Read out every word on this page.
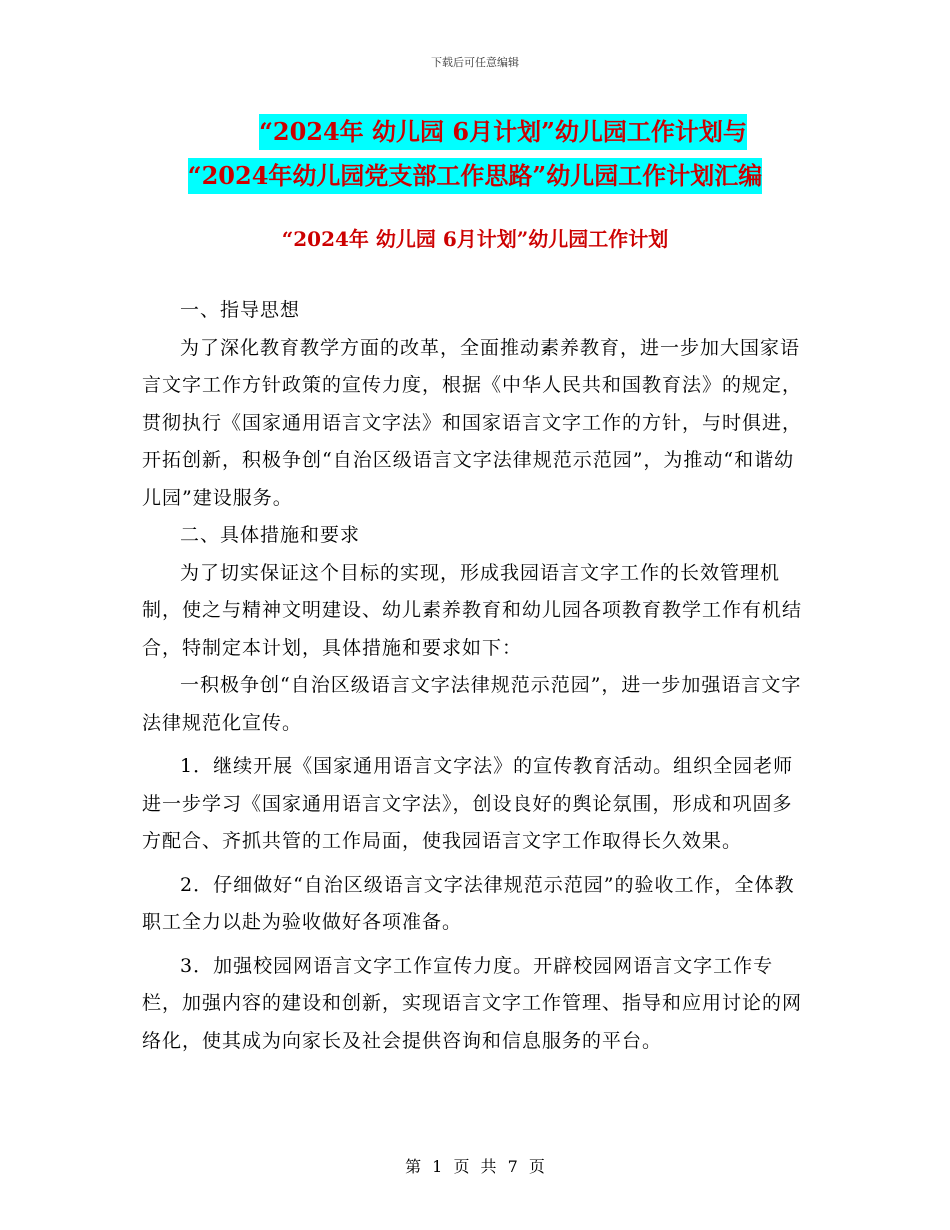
下载后可任意编辑
“2024年 幼儿园 6月计划”幼儿园工作计划与
“2024年幼儿园党支部工作思路”幼儿园工作计划汇编
“2024年 幼儿园 6月计划”幼儿园工作计划

一、指导思想

为了深化教育教学方面的改革，全面推动素养教育，进一步加大国家语言文字工作方针政策的宣传力度，根据《中华人民共和国教育法》的规定，贯彻执行《国家通用语言文字法》和国家语言文字工作的方针，与时俱进，开拓创新，积极争创“自治区级语言文字法律规范示范园”，为推动“和谐幼儿园”建设服务。

二、具体措施和要求

为了切实保证这个目标的实现，形成我园语言文字工作的长效管理机制，使之与精神文明建设、幼儿素养教育和幼儿园各项教育教学工作有机结合，特制定本计划，具体措施和要求如下：

一积极争创“自治区级语言文字法律规范示范园”，进一步加强语言文字法律规范化宣传。

1．继续开展《国家通用语言文字法》的宣传教育活动。组织全园老师进一步学习《国家通用语言文字法》，创设良好的舆论氛围，形成和巩固多方配合、齐抓共管的工作局面，使我园语言文字工作取得长久效果。

2．仔细做好“自治区级语言文字法律规范示范园”的验收工作，全体教职工全力以赴为验收做好各项准备。

3．加强校园网语言文字工作宣传力度。开辟校园网语言文字工作专栏，加强内容的建设和创新，实现语言文字工作管理、指导和应用讨论的网络化，使其成为向家长及社会提供咨询和信息服务的平台。

第 1 页 共 7 页
